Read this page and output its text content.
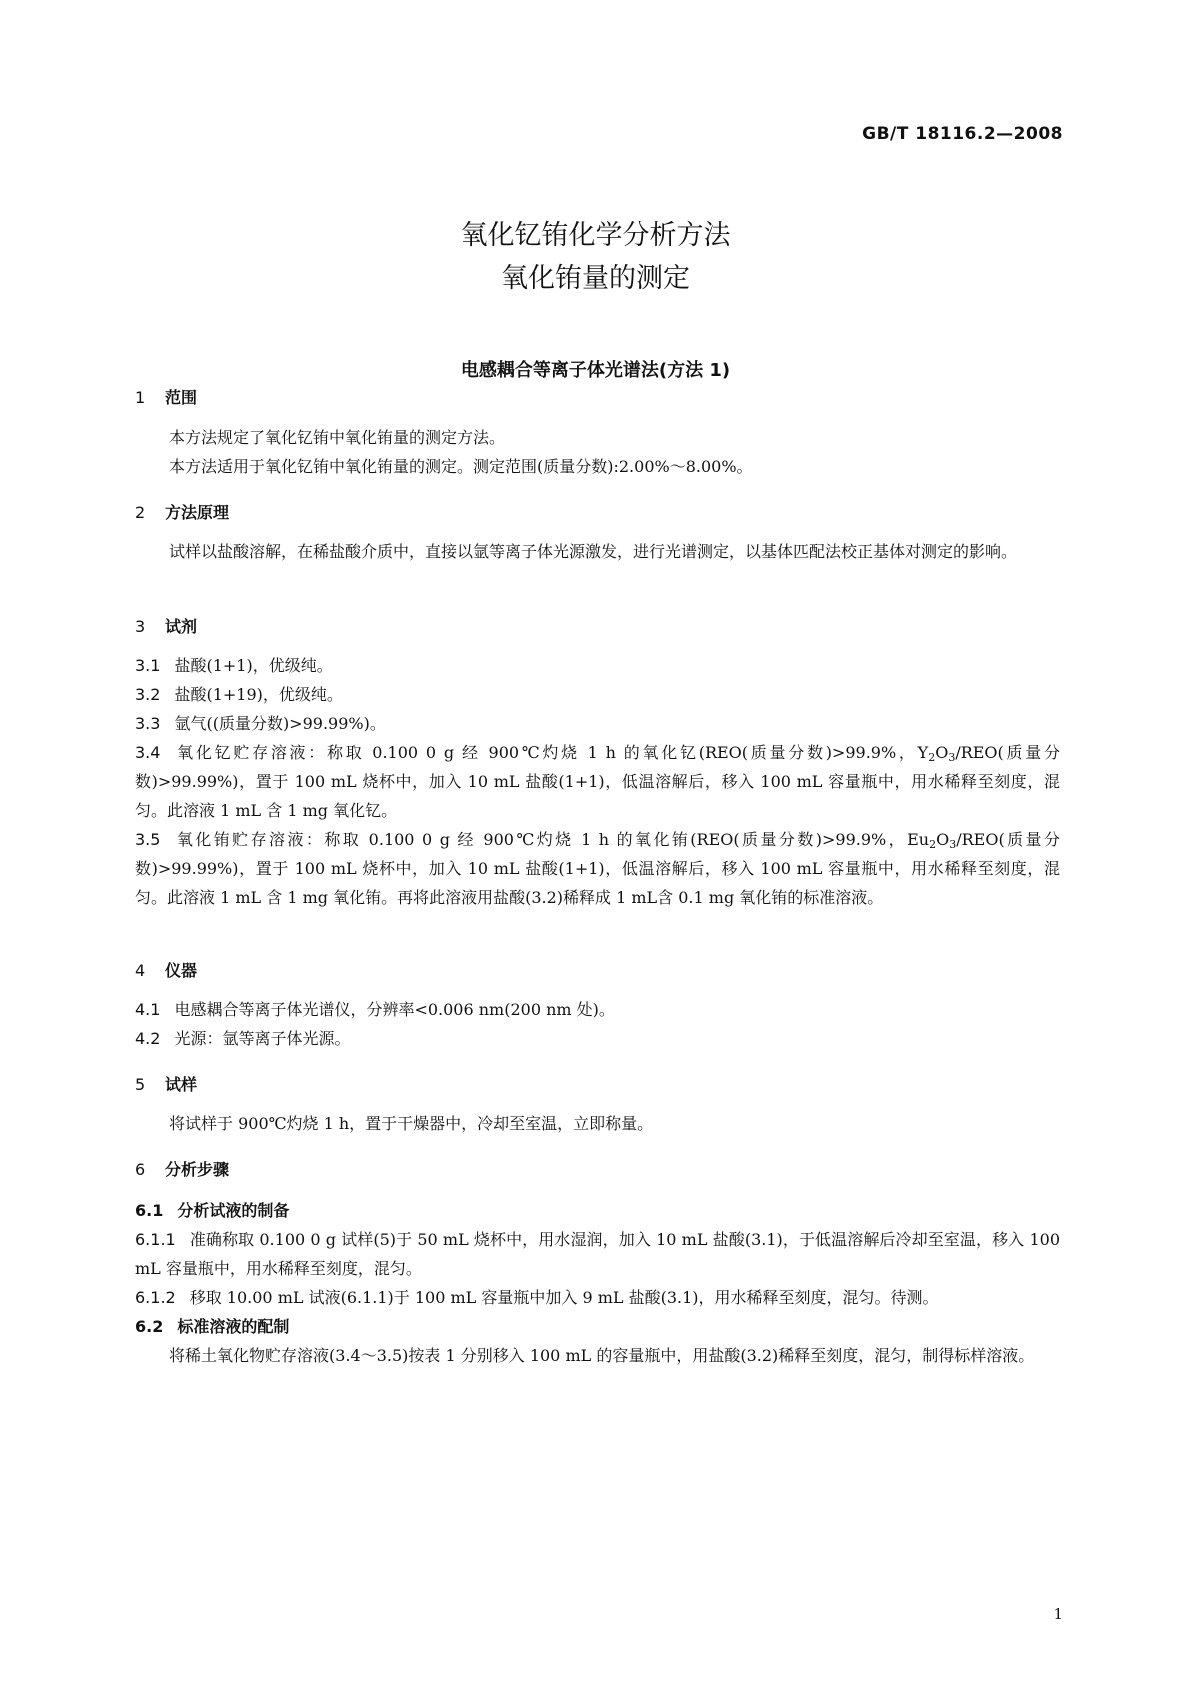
GB/T 18116.2—2008
氧化钇铕化学分析方法
氧化铕量的测定
电感耦合等离子体光谱法(方法 1)
1 范围
本方法规定了氧化钇铕中氧化铕量的测定方法。
本方法适用于氧化钇铕中氧化铕量的测定。测定范围(质量分数):2.00%～8.00%。
2 方法原理
试样以盐酸溶解，在稀盐酸介质中，直接以氩等离子体光源激发，进行光谱测定，以基体匹配法校正基体对测定的影响。
3 试剂
3.1 盐酸(1+1)，优级纯。
3.2 盐酸(1+19)，优级纯。
3.3 氩气((质量分数)>99.99%)。
3.4 氧化钇贮存溶液：称取 0.100 0 g 经 900℃灼烧 1 h 的氧化钇(REO(质量分数)>99.9%，$Y_2O_3/REO$(质量分数)>99.99%)，置于 100 mL 烧杯中，加入 10 mL 盐酸(1+1)，低温溶解后，移入 100 mL 容量瓶中，用水稀释至刻度，混匀。此溶液 1 mL 含 1 mg 氧化钇。
3.5 氧化铕贮存溶液：称取 0.100 0 g 经 900℃灼烧 1 h 的氧化铕(REO(质量分数)>99.9%，$Eu_2O_3/REO$(质量分数)>99.99%)，置于 100 mL 烧杯中，加入 10 mL 盐酸(1+1)，低温溶解后，移入 100 mL 容量瓶中，用水稀释至刻度，混匀。此溶液 1 mL 含 1 mg 氧化铕。再将此溶液用盐酸(3.2)稀释成 1 mL含 0.1 mg 氧化铕的标准溶液。
4 仪器
4.1 电感耦合等离子体光谱仪，分辨率<0.006 nm(200 nm 处)。
4.2 光源：氩等离子体光源。
5 试样
将试样于 900℃灼烧 1 h，置于干燥器中，冷却至室温，立即称量。
6 分析步骤
6.1 分析试液的制备
6.1.1 准确称取 0.100 0 g 试样(5)于 50 mL 烧杯中，用水湿润，加入 10 mL 盐酸(3.1)，于低温溶解后冷却至室温，移入 100 mL 容量瓶中，用水稀释至刻度，混匀。
6.1.2 移取 10.00 mL 试液(6.1.1)于 100 mL 容量瓶中加入 9 mL 盐酸(3.1)，用水稀释至刻度，混匀。待测。
6.2 标准溶液的配制
将稀土氧化物贮存溶液(3.4～3.5)按表 1 分别移入 100 mL 的容量瓶中，用盐酸(3.2)稀释至刻度，混匀，制得标样溶液。
1
